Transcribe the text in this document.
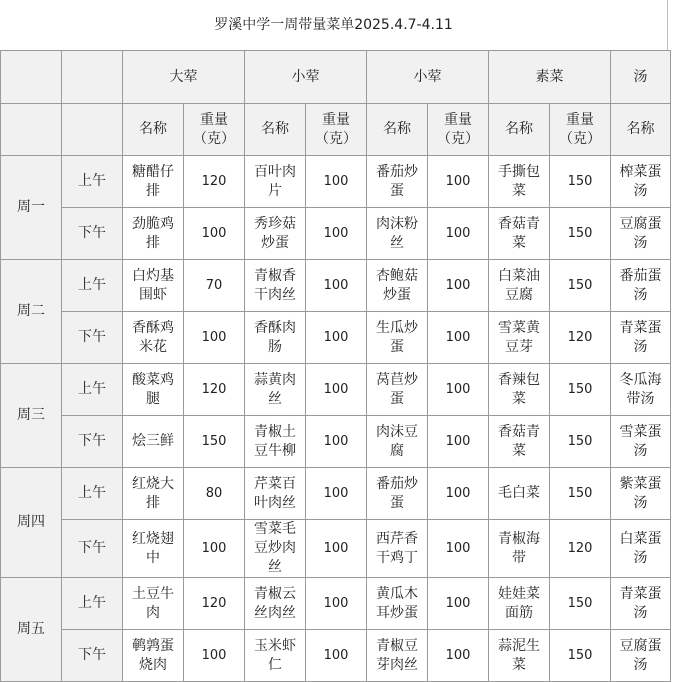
罗溪中学一周带量菜单2025.4.7-4.11
		大荤		小荤		小荤		素菜		汤
		名称	重量（克）	名称	重量（克）	名称	重量（克）	名称	重量（克）	名称
周一	上午	糖醋仔排	120	百叶肉片	100	番茄炒蛋	100	手撕包菜	150	榨菜蛋汤
	下午	劲脆鸡排	100	秀珍菇炒蛋	100	肉沫粉丝	100	香菇青菜	150	豆腐蛋汤
周二	上午	白灼基围虾	70	青椒香干肉丝	100	杏鲍菇炒蛋	100	白菜油豆腐	150	番茄蛋汤
	下午	香酥鸡米花	100	香酥肉肠	100	生瓜炒蛋	100	雪菜黄豆芽	120	青菜蛋汤
周三	上午	酸菜鸡腿	120	蒜黄肉丝	100	莴苣炒蛋	100	香辣包菜	150	冬瓜海带汤
	下午	烩三鲜	150	青椒土豆牛柳	100	肉沫豆腐	100	香菇青菜	150	雪菜蛋汤
周四	上午	红烧大排	80	芹菜百叶肉丝	100	番茄炒蛋	100	毛白菜	150	紫菜蛋汤
	下午	红烧翅中	100	雪菜毛豆炒肉丝	100	西芹香干鸡丁	100	青椒海带	120	白菜蛋汤
周五	上午	土豆牛肉	120	青椒云丝肉丝	100	黄瓜木耳炒蛋	100	娃娃菜面筋	150	青菜蛋汤
	下午	鹌鹑蛋烧肉	100	玉米虾仁	100	青椒豆芽肉丝	100	蒜泥生菜	150	豆腐蛋汤
